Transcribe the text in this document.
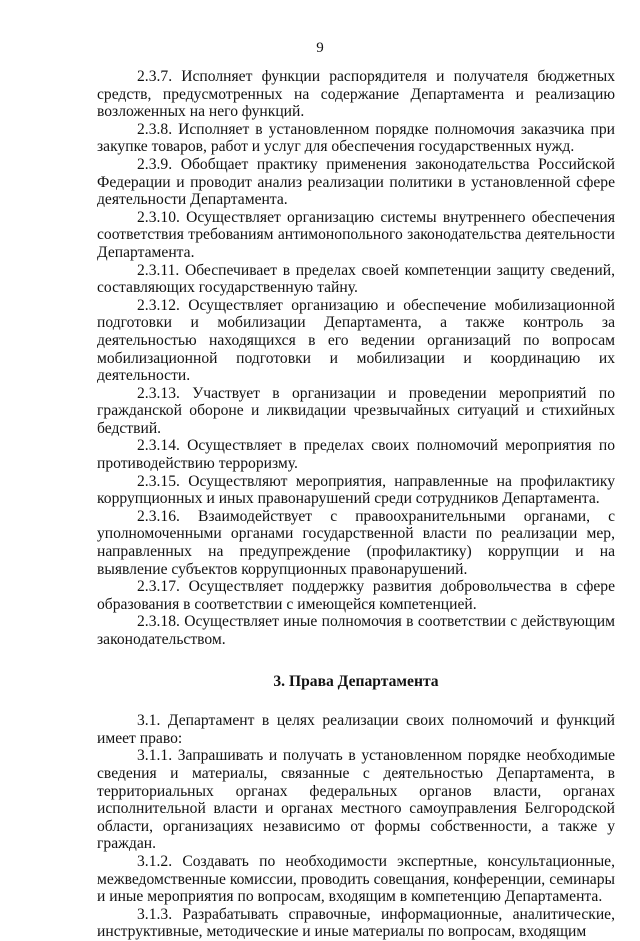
9

2.3.7. Исполняет функции распорядителя и получателя бюджетных средств, предусмотренных на содержание Департамента и реализацию возложенных на него функций.

2.3.8. Исполняет в установленном порядке полномочия заказчика при закупке товаров, работ и услуг для обеспечения государственных нужд.

2.3.9. Обобщает практику применения законодательства Российской Федерации и проводит анализ реализации политики в установленной сфере деятельности Департамента.

2.3.10. Осуществляет организацию системы внутреннего обеспечения соответствия требованиям антимонопольного законодательства деятельности Департамента.

2.3.11. Обеспечивает в пределах своей компетенции защиту сведений, составляющих государственную тайну.

2.3.12. Осуществляет организацию и обеспечение мобилизационной подготовки и мобилизации Департамента, а также контроль за деятельностью находящихся в его ведении организаций по вопросам мобилизационной подготовки и мобилизации и координацию их деятельности.

2.3.13. Участвует в организации и проведении мероприятий по гражданской обороне и ликвидации чрезвычайных ситуаций и стихийных бедствий.

2.3.14. Осуществляет в пределах своих полномочий мероприятия по противодействию терроризму.

2.3.15. Осуществляют мероприятия, направленные на профилактику коррупционных и иных правонарушений среди сотрудников Департамента.

2.3.16. Взаимодействует с правоохранительными органами, с уполномоченными органами государственной власти по реализации мер, направленных на предупреждение (профилактику) коррупции и на выявление субъектов коррупционных правонарушений.

2.3.17. Осуществляет поддержку развития добровольчества в сфере образования в соответствии с имеющейся компетенцией.

2.3.18. Осуществляет иные полномочия в соответствии с действующим законодательством.

3. Права Департамента

3.1. Департамент в целях реализации своих полномочий и функций имеет право:

3.1.1. Запрашивать и получать в установленном порядке необходимые сведения и материалы, связанные с деятельностью Департамента, в территориальных органах федеральных органов власти, органах исполнительной власти и органах местного самоуправления Белгородской области, организациях независимо от формы собственности, а также у граждан.

3.1.2. Создавать по необходимости экспертные, консультационные, межведомственные комиссии, проводить совещания, конференции, семинары и иные мероприятия по вопросам, входящим в компетенцию Департамента.

3.1.3. Разрабатывать справочные, информационные, аналитические, инструктивные, методические и иные материалы по вопросам, входящим
